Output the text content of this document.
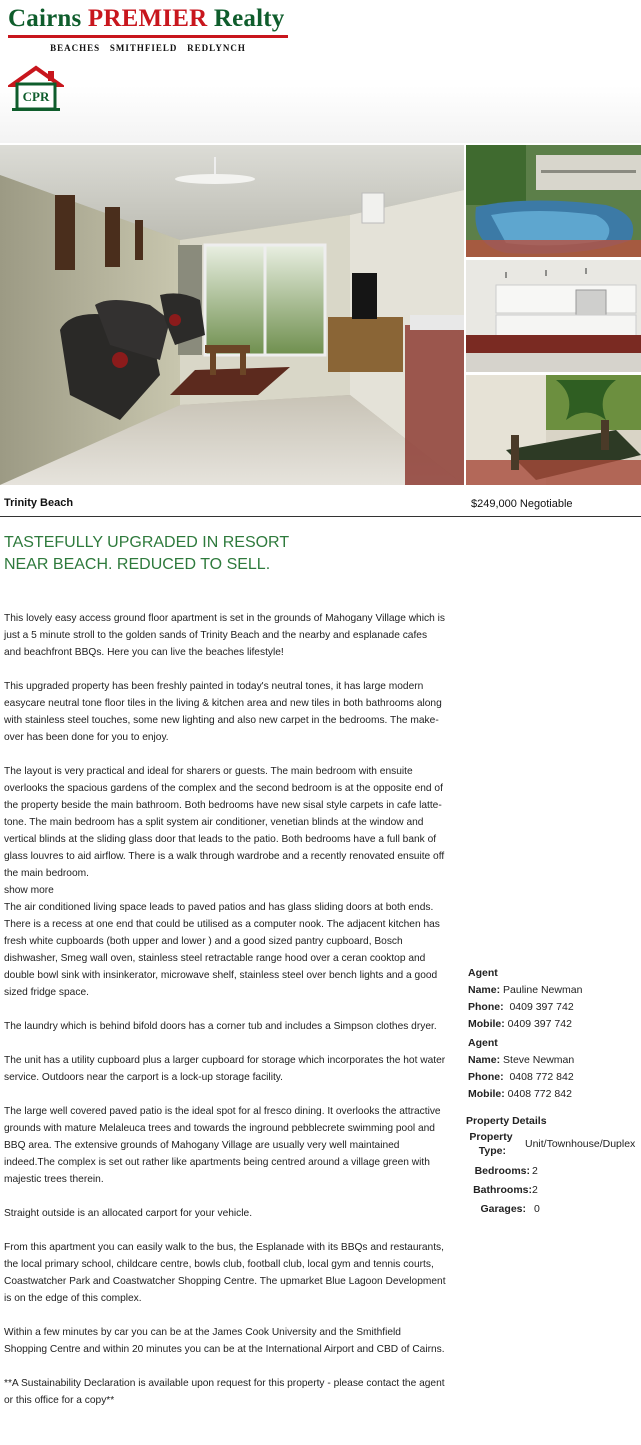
Cairns PREMIER Realty
BEACHES   SMITHFIELD   REDLYNCH
CPR
Trinity Beach	$249,000 Negotiable
TASTEFULLY UPGRADED IN RESORT
NEAR BEACH. REDUCED TO SELL.

This lovely easy access ground floor apartment is set in the grounds of Mahogany Village which is just a 5 minute stroll to the golden sands of Trinity Beach and the nearby and esplanade cafes and beachfront BBQs. Here you can live the beaches lifestyle!

This upgraded property has been freshly painted in today's neutral tones, it has large modern easycare neutral tone floor tiles in the living & kitchen area and new tiles in both bathrooms along with stainless steel touches, some new lighting and also new carpet in the bedrooms. The make-over has been done for you to enjoy.

The layout is very practical and ideal for sharers or guests. The main bedroom with ensuite overlooks the spacious gardens of the complex and the second bedroom is at the opposite end of the property beside the main bathroom. Both bedrooms have new sisal style carpets in cafe latte-tone. The main bedroom has a split system air conditioner, venetian blinds at the window and vertical blinds at the sliding glass door that leads to the patio. Both bedrooms have a full bank of glass louvres to aid airflow. There is a walk through wardrobe and a recently renovated ensuite off the main bedroom.

show more

The air conditioned living space leads to paved patios and has glass sliding doors at both ends. There is a recess at one end that could be utilised as a computer nook. The adjacent kitchen has fresh white cupboards (both upper and lower ) and a good sized pantry cupboard, Bosch dishwasher, Smeg wall oven, stainless steel retractable range hood over a ceran cooktop and double bowl sink with insinkerator, microwave shelf, stainless steel over bench lights and a good sized fridge space.

The laundry which is behind bifold doors has a corner tub and includes a Simpson clothes dryer.

The unit has a utility cupboard plus a larger cupboard for storage which incorporates the hot water service. Outdoors near the carport is a lock-up storage facility.

The large well covered paved patio is the ideal spot for al fresco dining. It overlooks the attractive grounds with mature Melaleuca trees and towards the inground pebblecrete swimming pool and BBQ area. The extensive grounds of Mahogany Village are usually very well maintained indeed.The complex is set out rather like apartments being centred around a village green with majestic trees therein.

Straight outside is an allocated carport for your vehicle.

From this apartment you can easily walk to the bus, the Esplanade with its BBQs and restaurants, the local primary school, childcare centre, bowls club, football club, local gym and tennis courts, Coastwatcher Park and Coastwatcher Shopping Centre. The upmarket Blue Lagoon Development is on the edge of this complex.

Within a few minutes by car you can be at the James Cook University and the Smithfield Shopping Centre and within 20 minutes you can be at the International Airport and CBD of Cairns.

**A Sustainability Declaration is available upon request for this property - please contact the agent or this office for a copy**

Agent
Name: Pauline Newman
Phone: 0409 397 742
Mobile: 0409 397 742
Agent
Name: Steve Newman
Phone: 0408 772 842
Mobile: 0408 772 842
Property Details
Property
Type:
Unit/Townhouse/Duplex
Bedrooms: 2
Bathrooms: 2
Garages: 0
